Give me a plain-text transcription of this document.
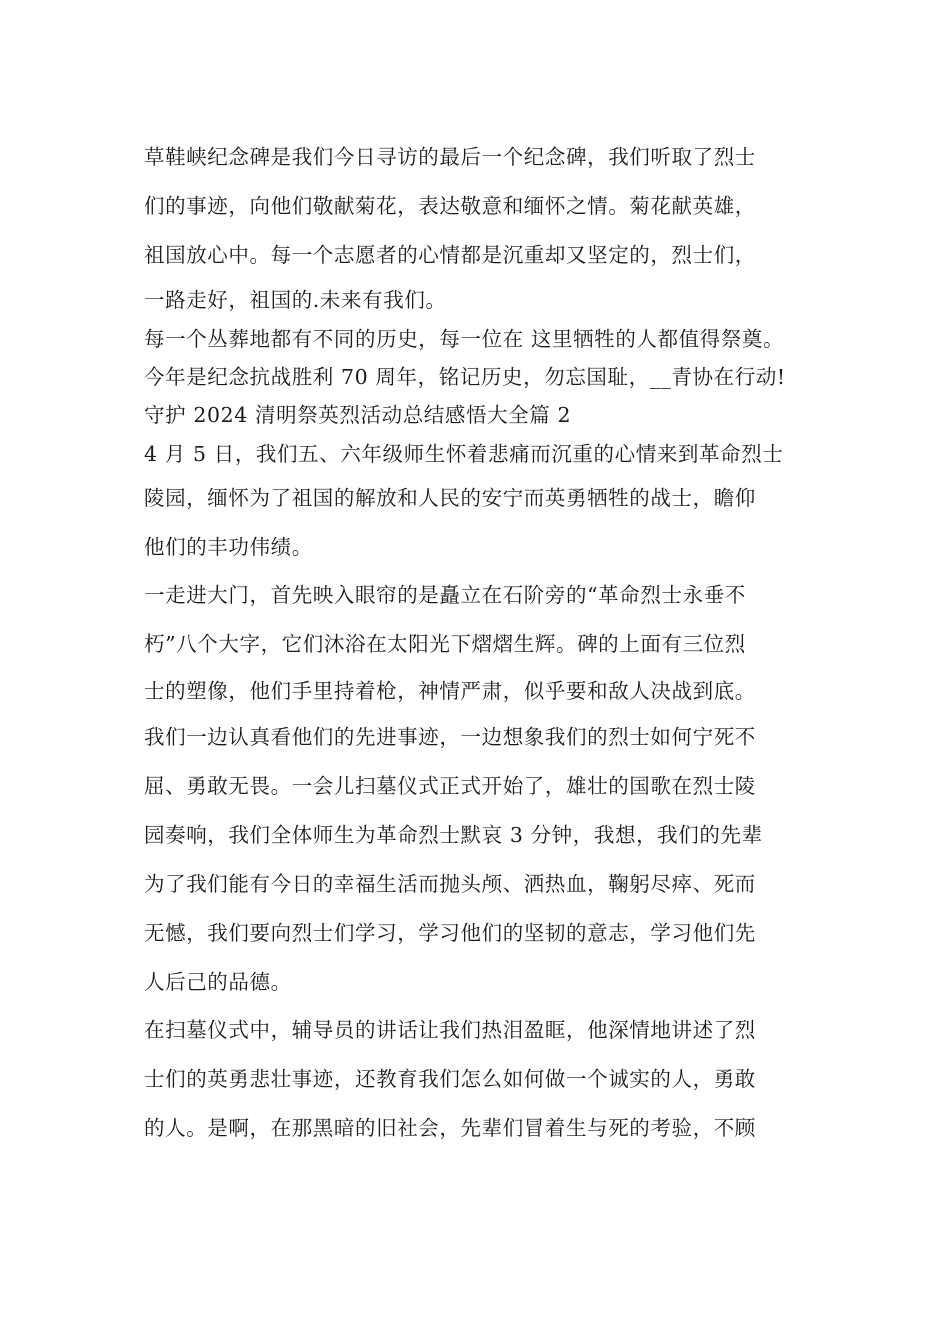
草鞋峡纪念碑是我们今日寻访的最后一个纪念碑，我们听取了烈士
们的事迹，向他们敬献菊花，表达敬意和缅怀之情。菊花献英雄，
祖国放心中。每一个志愿者的心情都是沉重却又坚定的，烈士们，
一路走好，祖国的.未来有我们。
每一个丛葬地都有不同的历史，每一位在 这里牺牲的人都值得祭奠。
今年是纪念抗战胜利 70 周年，铭记历史，勿忘国耻，__青协在行动!
守护 2024 清明祭英烈活动总结感悟大全篇 2
4 月 5 日，我们五、六年级师生怀着悲痛而沉重的心情来到革命烈士
陵园，缅怀为了祖国的解放和人民的安宁而英勇牺牲的战士，瞻仰
他们的丰功伟绩。
一走进大门，首先映入眼帘的是矗立在石阶旁的“革命烈士永垂不
朽”八个大字，它们沐浴在太阳光下熠熠生辉。碑的上面有三位烈
士的塑像，他们手里持着枪，神情严肃，似乎要和敌人决战到底。
我们一边认真看他们的先进事迹，一边想象我们的烈士如何宁死不
屈、勇敢无畏。一会儿扫墓仪式正式开始了，雄壮的国歌在烈士陵
园奏响，我们全体师生为革命烈士默哀 3 分钟，我想，我们的先辈
为了我们能有今日的幸福生活而抛头颅、洒热血，鞠躬尽瘁、死而
无憾，我们要向烈士们学习，学习他们的坚韧的意志，学习他们先
人后己的品德。
在扫墓仪式中，辅导员的讲话让我们热泪盈眶，他深情地讲述了烈
士们的英勇悲壮事迹，还教育我们怎么如何做一个诚实的人，勇敢
的人。是啊，在那黑暗的旧社会，先辈们冒着生与死的考验，不顾
